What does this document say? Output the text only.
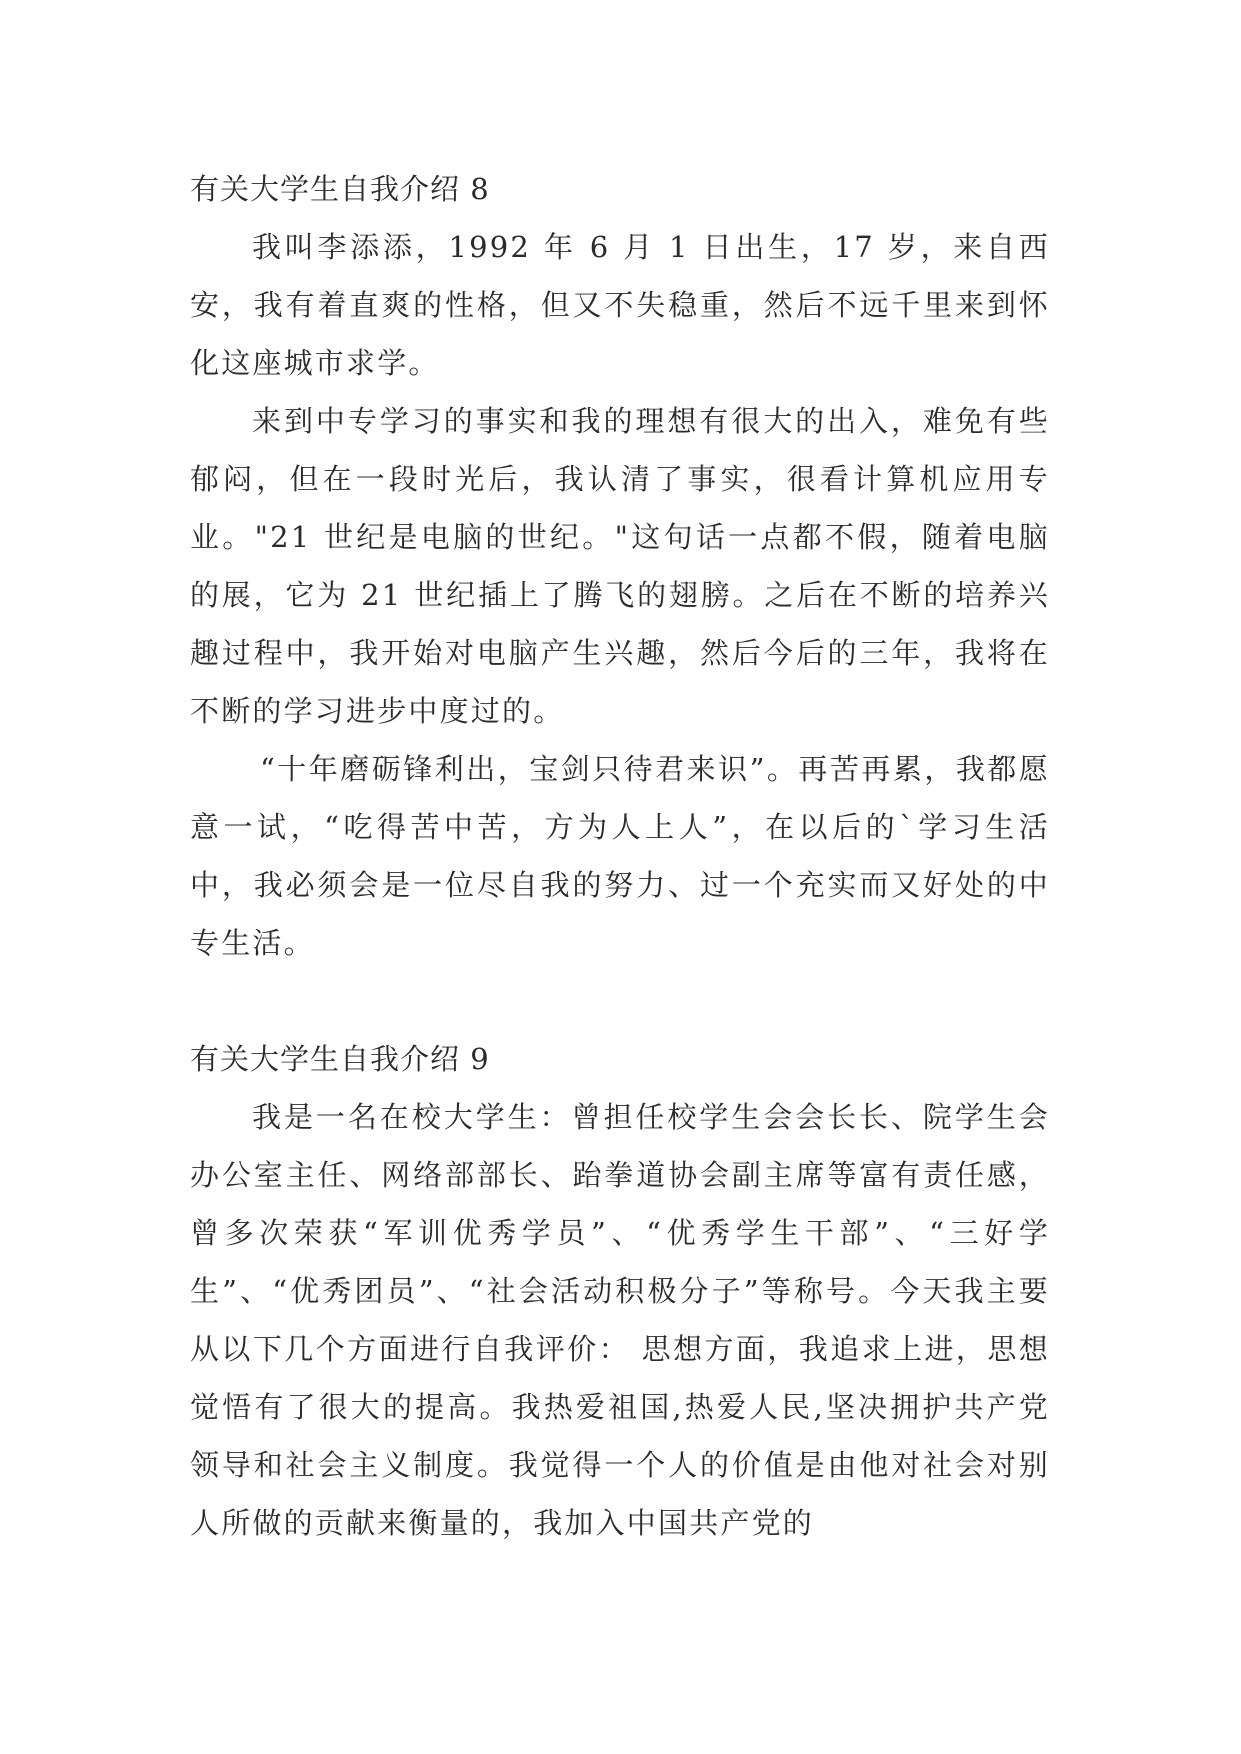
有关大学生自我介绍 8

我叫李添添，1992 年 6 月 1 日出生，17 岁，来自西安，我有着直爽的性格，但又不失稳重，然后不远千里来到怀化这座城市求学。

来到中专学习的事实和我的理想有很大的出入，难免有些郁闷，但在一段时光后，我认清了事实，很看计算机应用专业。"21 世纪是电脑的世纪。"这句话一点都不假，随着电脑的展，它为 21 世纪插上了腾飞的翅膀。之后在不断的培养兴趣过程中，我开始对电脑产生兴趣，然后今后的三年，我将在不断的学习进步中度过的。

“十年磨砺锋利出，宝剑只待君来识”。再苦再累，我都愿意一试，“吃得苦中苦，方为人上人”，在以后的`学习生活中，我必须会是一位尽自我的努力、过一个充实而又好处的中专生活。

有关大学生自我介绍 9

我是一名在校大学生：曾担任校学生会会长长、院学生会办公室主任、网络部部长、跆拳道协会副主席等富有责任感，曾多次荣获“军训优秀学员”、“优秀学生干部”、“三好学生”、“优秀团员”、“社会活动积极分子”等称号。今天我主要从以下几个方面进行自我评价： 思想方面，我追求上进，思想觉悟有了很大的提高。我热爱祖国,热爱人民,坚决拥护共产党领导和社会主义制度。我觉得一个人的价值是由他对社会对别人所做的贡献来衡量的，我加入中国共产党的
